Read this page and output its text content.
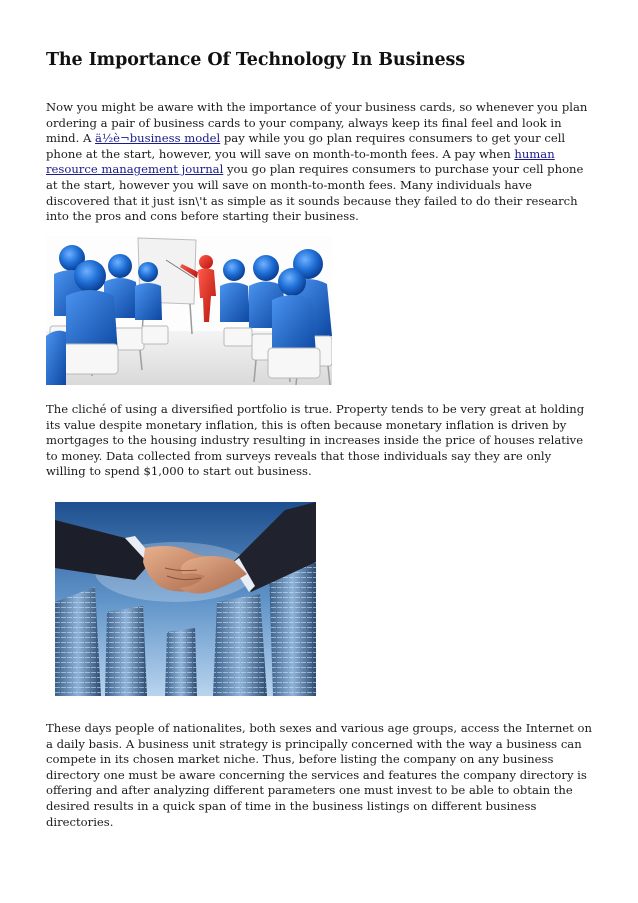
The Importance Of Technology In Business

Now you might be aware with the importance of your business cards, so whenever you plan ordering a pair of business cards to your company, always keep its final feel and look in mind. A ä½è¬business model pay while you go plan requires consumers to get your cell phone at the start, however, you will save on month-to-month fees. A pay when human resource management journal you go plan requires consumers to purchase your cell phone at the start, however you will save on month-to-month fees. Many individuals have discovered that it just isn\'t as simple as it sounds because they failed to do their research into the pros and cons before starting their business.

The cliché of using a diversified portfolio is true. Property tends to be very great at holding its value despite monetary inflation, this is often because monetary inflation is driven by mortgages to the housing industry resulting in increases inside the price of houses relative to money. Data collected from surveys reveals that those individuals say they are only willing to spend $1,000 to start out business.

These days people of nationalites, both sexes and various age groups, access the Internet on a daily basis. A business unit strategy is principally concerned with the way a business can compete in its chosen market niche. Thus, before listing the company on any business directory one must be aware concerning the services and features the company directory is offering and after analyzing different parameters one must invest to be able to obtain the desired results in a quick span of time in the business listings on different business directories.
